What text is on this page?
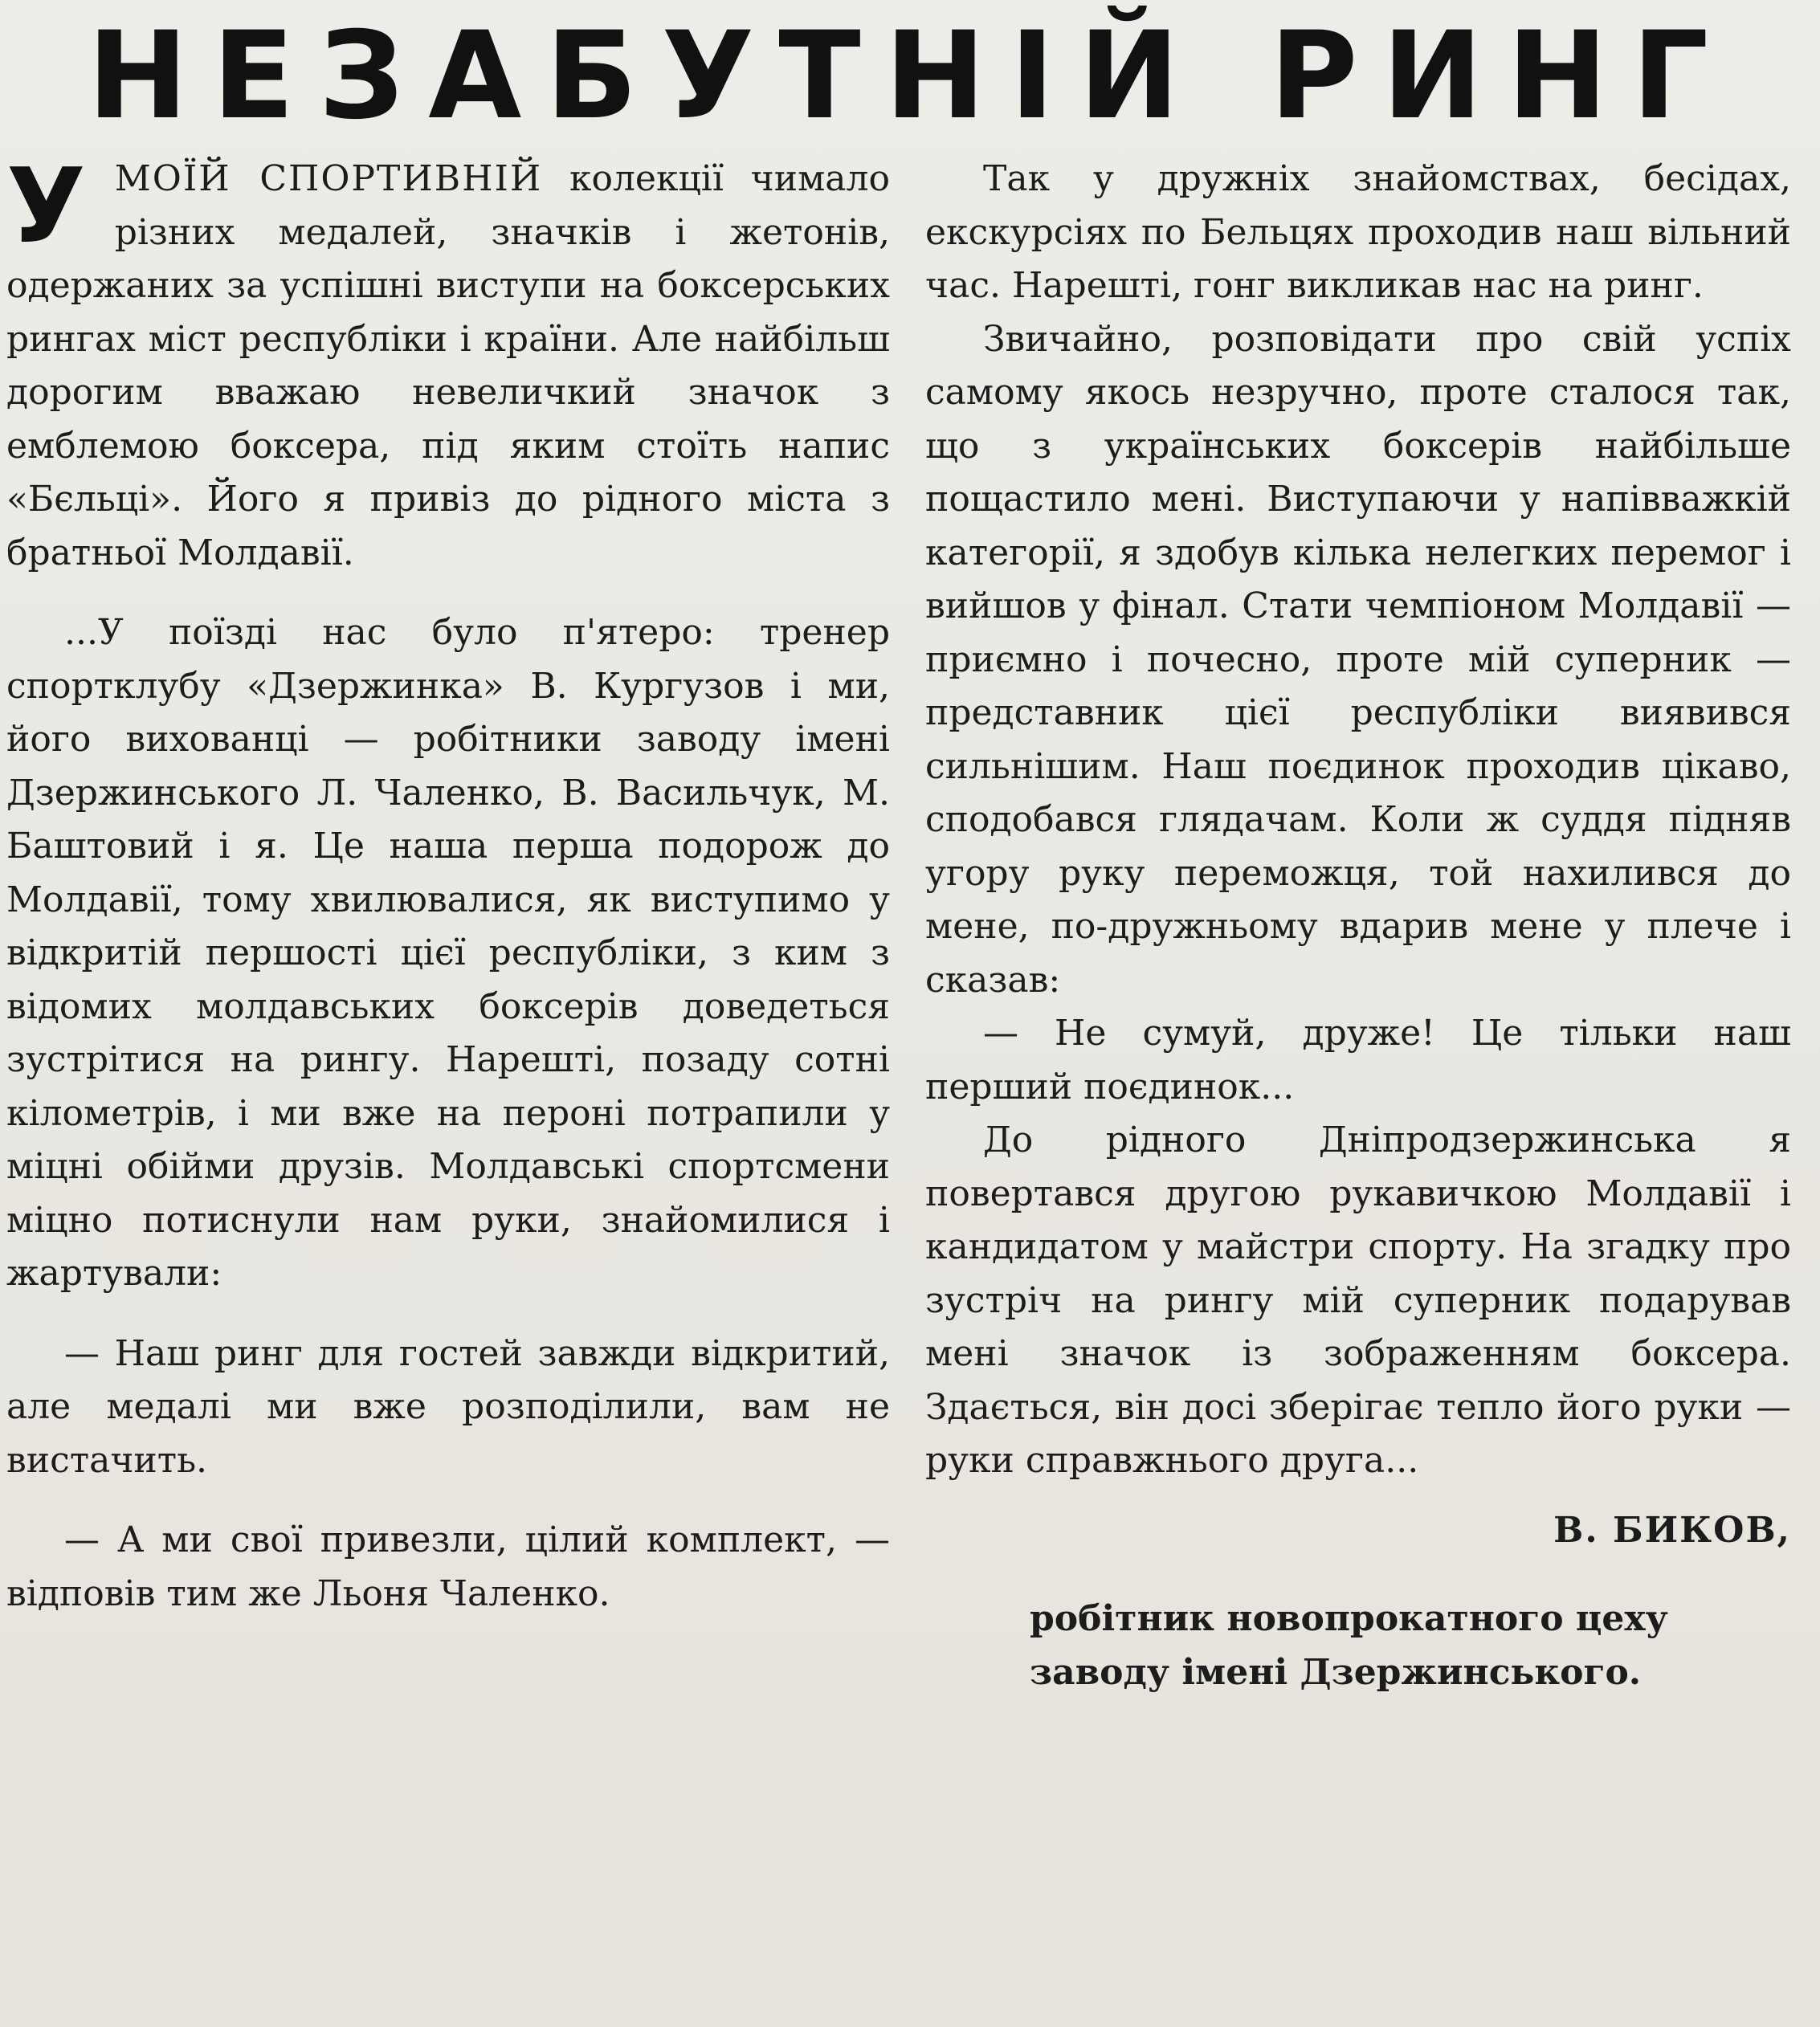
НЕЗАБУТНІЙ РИНГ

У МОЇЙ СПОРТИВНІЙ колекції чимало різних медалей, значків і жетонів, одержаних за успішні виступи на боксерських рингах міст республіки і країни. Але найбільш дорогим вважаю невеличкий значок з емблемою боксера, під яким стоїть напис «Бєльці». Його я привіз до рідного міста з братньої Молдавії.

...У поїзді нас було п'ятеро: тренер спортклубу «Дзержинка» В. Кургузов і ми, його вихованці — робітники заводу імені Дзержинського Л. Чаленко, В. Васильчук, М. Баштовий і я. Це наша перша подорож до Молдавії, тому хвилювалися, як виступимо у відкритій першості цієї республіки, з ким з відомих молдавських боксерів доведеться зустрітися на рингу. Нарешті, позаду сотні кілометрів, і ми вже на пероні потрапили у міцні обійми друзів. Молдавські спортсмени міцно потиснули нам руки, знайомилися і жартували:

— Наш ринг для гостей завжди відкритий, але медалі ми вже розподілили, вам не вистачить.

— А ми свої привезли, цілий комплект, — відповів тим же Льоня Чаленко.

Так у дружніх знайомствах, бесідах, екскурсіях по Бельцях проходив наш вільний час. Нарешті, гонг викликав нас на ринг.

Звичайно, розповідати про свій успіх самому якось незручно, проте сталося так, що з українських боксерів найбільше пощастило мені. Виступаючи у напівважкій категорії, я здобув кілька нелегких перемог і вийшов у фінал. Стати чемпіоном Молдавії — приємно і почесно, проте мій суперник — представник цієї республіки виявився сильнішим. Наш поєдинок проходив цікаво, сподобався глядачам. Коли ж суддя підняв угору руку переможця, той нахилився до мене, по-дружньому вдарив мене у плече і сказав:

— Не сумуй, друже! Це тільки наш перший поєдинок...

До рідного Дніпродзержинська я повертався другою рукавичкою Молдавії і кандидатом у майстри спорту. На згадку про зустріч на рингу мій суперник подарував мені значок із зображенням боксера. Здається, він досі зберігає тепло його руки — руки справжнього друга...

В. БИКОВ,

робітник новопрокатного цеху

заводу імені Дзержинського.
